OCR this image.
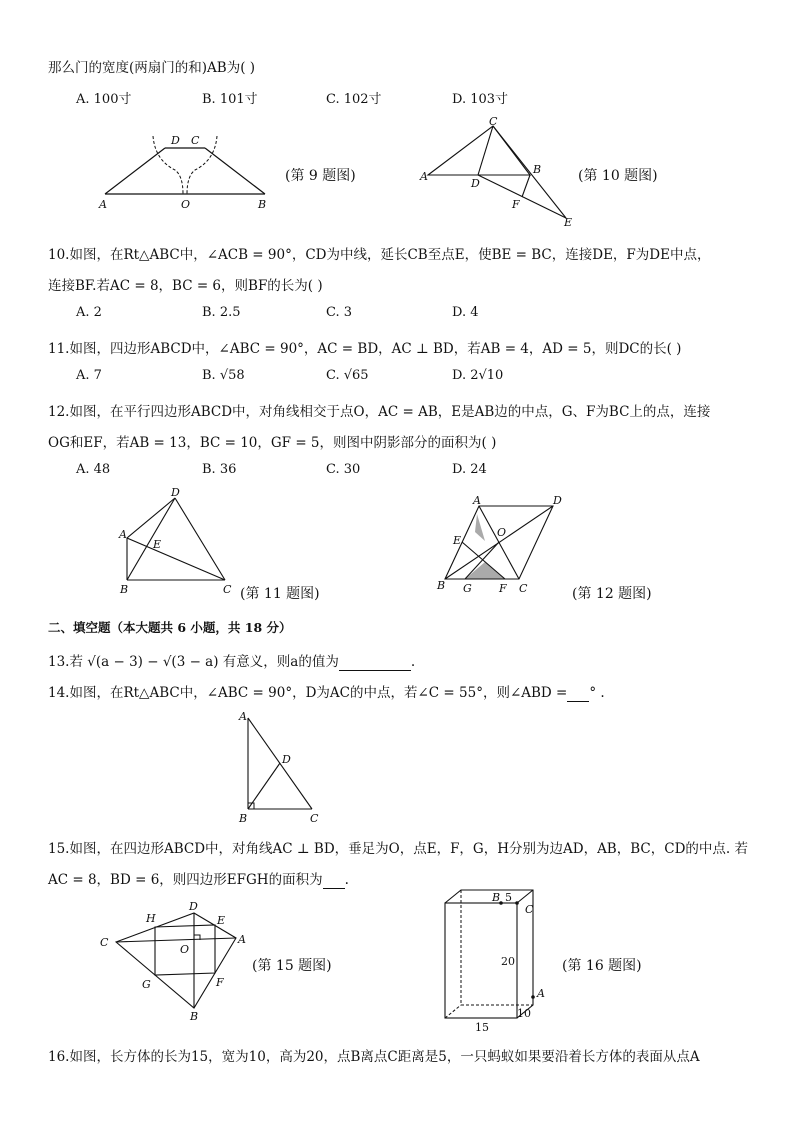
那么门的宽度(两扇门的和)AB为( )
A. 100寸	B. 101寸	C. 102寸	D. 103寸
A	O	B
D C
(第 9 题图)	A
C
B
D
F
E
(第 10 题图)
10.如图，在Rt△ABC中，∠ACB = 90°，CD为中线，延长CB至点E，使BE = BC，连接DE，F为DE中点，
连接BF.若AC = 8，BC = 6，则BF的长为( )
A. 2	B. 2.5	C. 3	D. 4
11.如图，四边形ABCD中，∠ABC = 90°，AC = BD，AC ⊥ BD，若AB = 4，AD = 5，则DC的长( )
A. 7	B. √58	C. √65	D. 2√10
12.如图，在平行四边形ABCD中，对角线相交于点O，AC = AB，E是AB边的中点，G、F为BC上的点，连接
OG和EF，若AB = 13，BC = 10，GF = 5，则图中阴影部分的面积为( )
A. 48	B. 36	C. 30	D. 24
A
D
E
B	C (第 11 题图)
A	D
O
E
B G F C	(第 12 题图)
二、填空题（本大题共 6 小题，共 18 分）
13.若 √(a − 3) − √(3 − a) 有意义，则a的值为	.
14.如图，在Rt△ABC中，∠ABC = 90°，D为AC的中点，若∠C = 55°，则∠ABD = ° .
A
D
B	C
15.如图，在四边形ABCD中，对角线AC ⊥ BD，垂足为O，点E，F，G，H分别为边AD，AB，BC，CD的中点. 若
AC = 8，BD = 6，则四边形EFGH的面积为 .
C
D
H	E
A
O
G	F
B
(第 15 题图)
B 5
C
20
A
10
15
(第 16 题图)
16.如图，长方体的长为15，宽为10，高为20，点B离点C距离是5，一只蚂蚁如果要沿着长方体的表面从点A
